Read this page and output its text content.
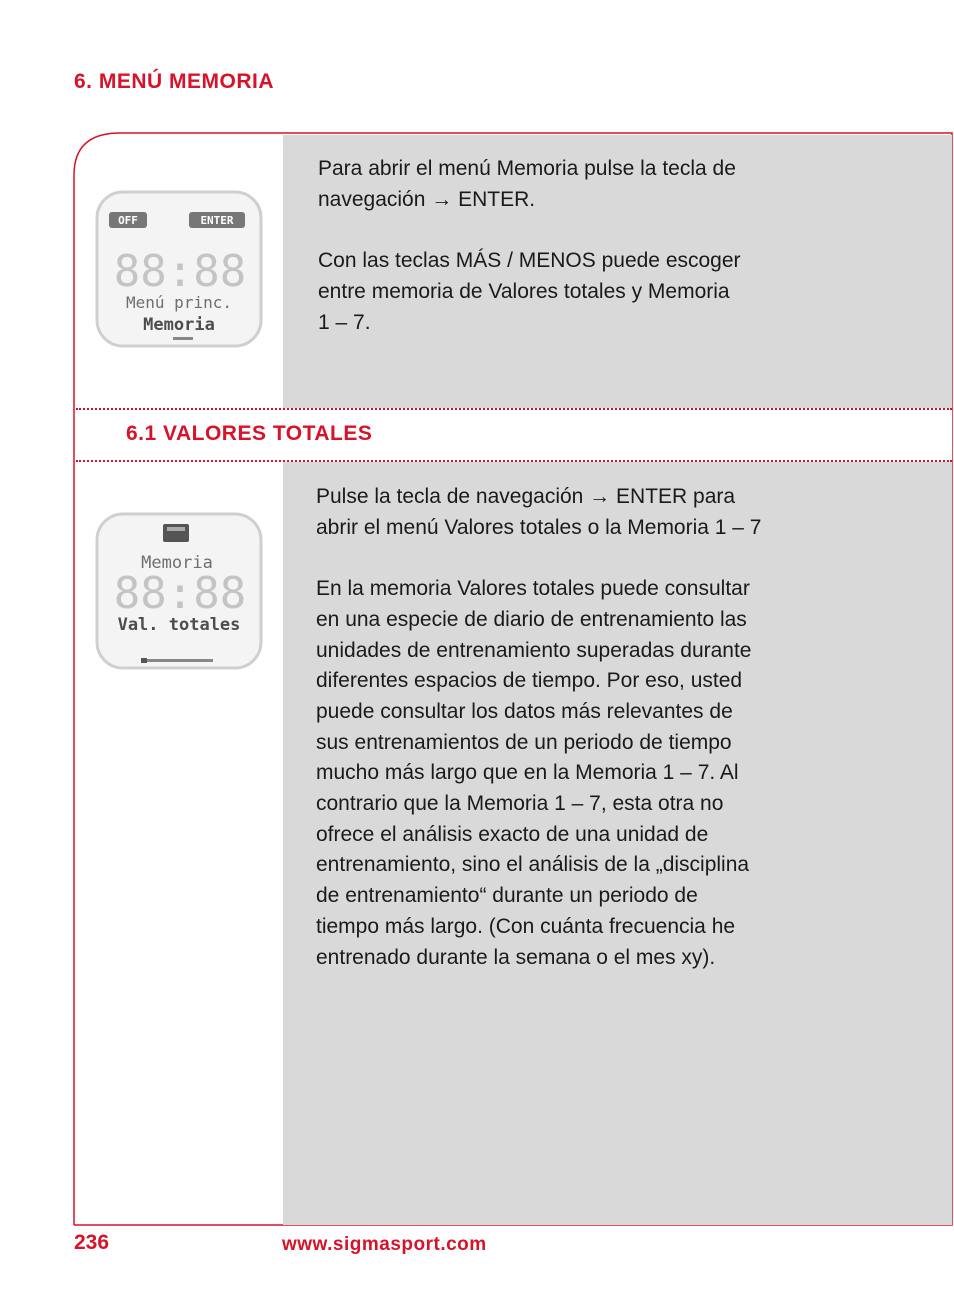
6. MENÚ MEMORIA
OFF	ENTER
88:88
Menú princ.
Memoria

Para abrir el menú Memoria pulse la tecla de

navegación → ENTER.

Con las teclas MÁS / MENOS puede escoger

entre memoria de Valores totales y Memoria

1 – 7.

6.1 VALORES TOTALES
Memoria
88:88
Val. totales

Pulse la tecla de navegación → ENTER para

abrir el menú Valores totales o la Memoria 1 – 7

En la memoria Valores totales puede consultar

en una especie de diario de entrenamiento las

unidades de entrenamiento superadas durante

diferentes espacios de tiempo. Por eso, usted

puede consultar los datos más relevantes de

sus entrenamientos de un periodo de tiempo

mucho más largo que en la Memoria 1 – 7. Al

contrario que la Memoria 1 – 7, esta otra no

ofrece el análisis exacto de una unidad de

entrenamiento, sino el análisis de la „disciplina

de entrenamiento“ durante un periodo de

tiempo más largo. (Con cuánta frecuencia he

entrenado durante la semana o el mes xy).

236	www.sigmasport.com
